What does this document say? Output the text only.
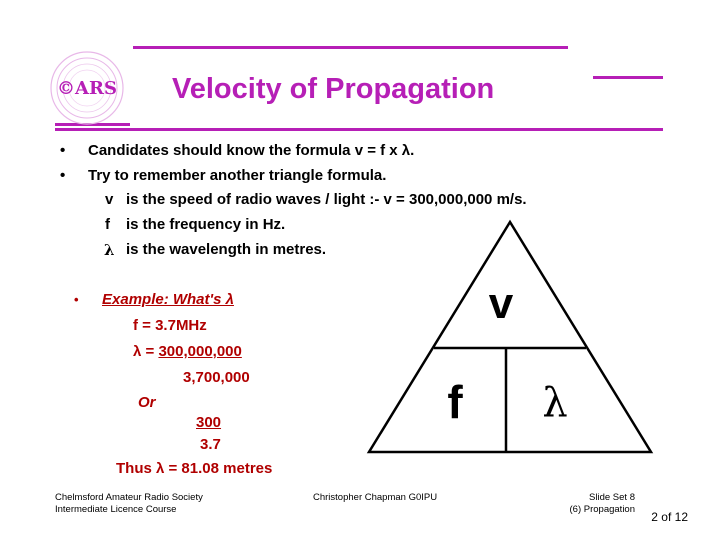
©ARS Velocity of Propagation
• Candidates should know the formula v = f x λ.
• Try to remember another triangle formula.
v is the speed of radio waves / light :- v = 300,000,000 m/s.
f is the frequency in Hz.
λ is the wavelength in metres.
• Example: What's λ
f = 3.7MHz
λ = 300,000,000
3,700,000
Or
300
3.7
Thus λ = 81.08 metres
v
f λ
Chelmsford Amateur Radio Society
Intermediate Licence Course
Christopher Chapman G0IPU	Slide Set 8
(6) Propagation
2 of 12
